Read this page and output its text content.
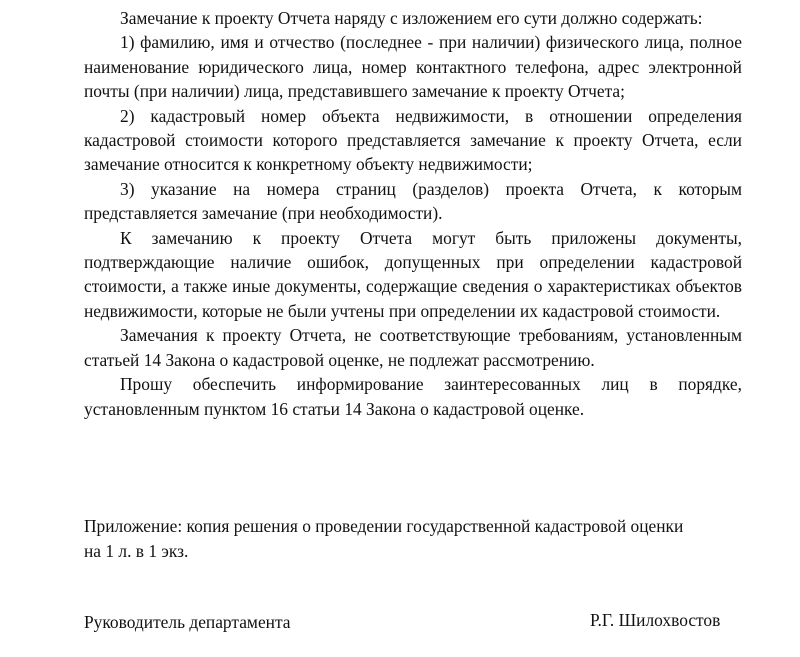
Замечание к проекту Отчета наряду с изложением его сути должно содержать:

1) фамилию, имя и отчество (последнее - при наличии) физического лица, полное наименование юридического лица, номер контактного телефона, адрес электронной почты (при наличии) лица, представившего замечание к проекту Отчета;

2) кадастровый номер объекта недвижимости, в отношении определения кадастровой стоимости которого представляется замечание к проекту Отчета, если замечание относится к конкретному объекту недвижимости;

3) указание на номера страниц (разделов) проекта Отчета, к которым представляется замечание (при необходимости).

К замечанию к проекту Отчета могут быть приложены документы, подтверждающие наличие ошибок, допущенных при определении кадастровой стоимости, а также иные документы, содержащие сведения о характеристиках объектов недвижимости, которые не были учтены при определении их кадастровой стоимости.

Замечания к проекту Отчета, не соответствующие требованиям, установленным статьей 14 Закона о кадастровой оценке, не подлежат рассмотрению.

Прошу обеспечить информирование заинтересованных лиц в порядке, установленным пунктом 16 статьи 14 Закона о кадастровой оценке.

Приложение: копия решения о проведении государственной кадастровой оценки

на 1 л. в 1 экз.

Руководитель департамента	Р.Г. Шилохвостов
